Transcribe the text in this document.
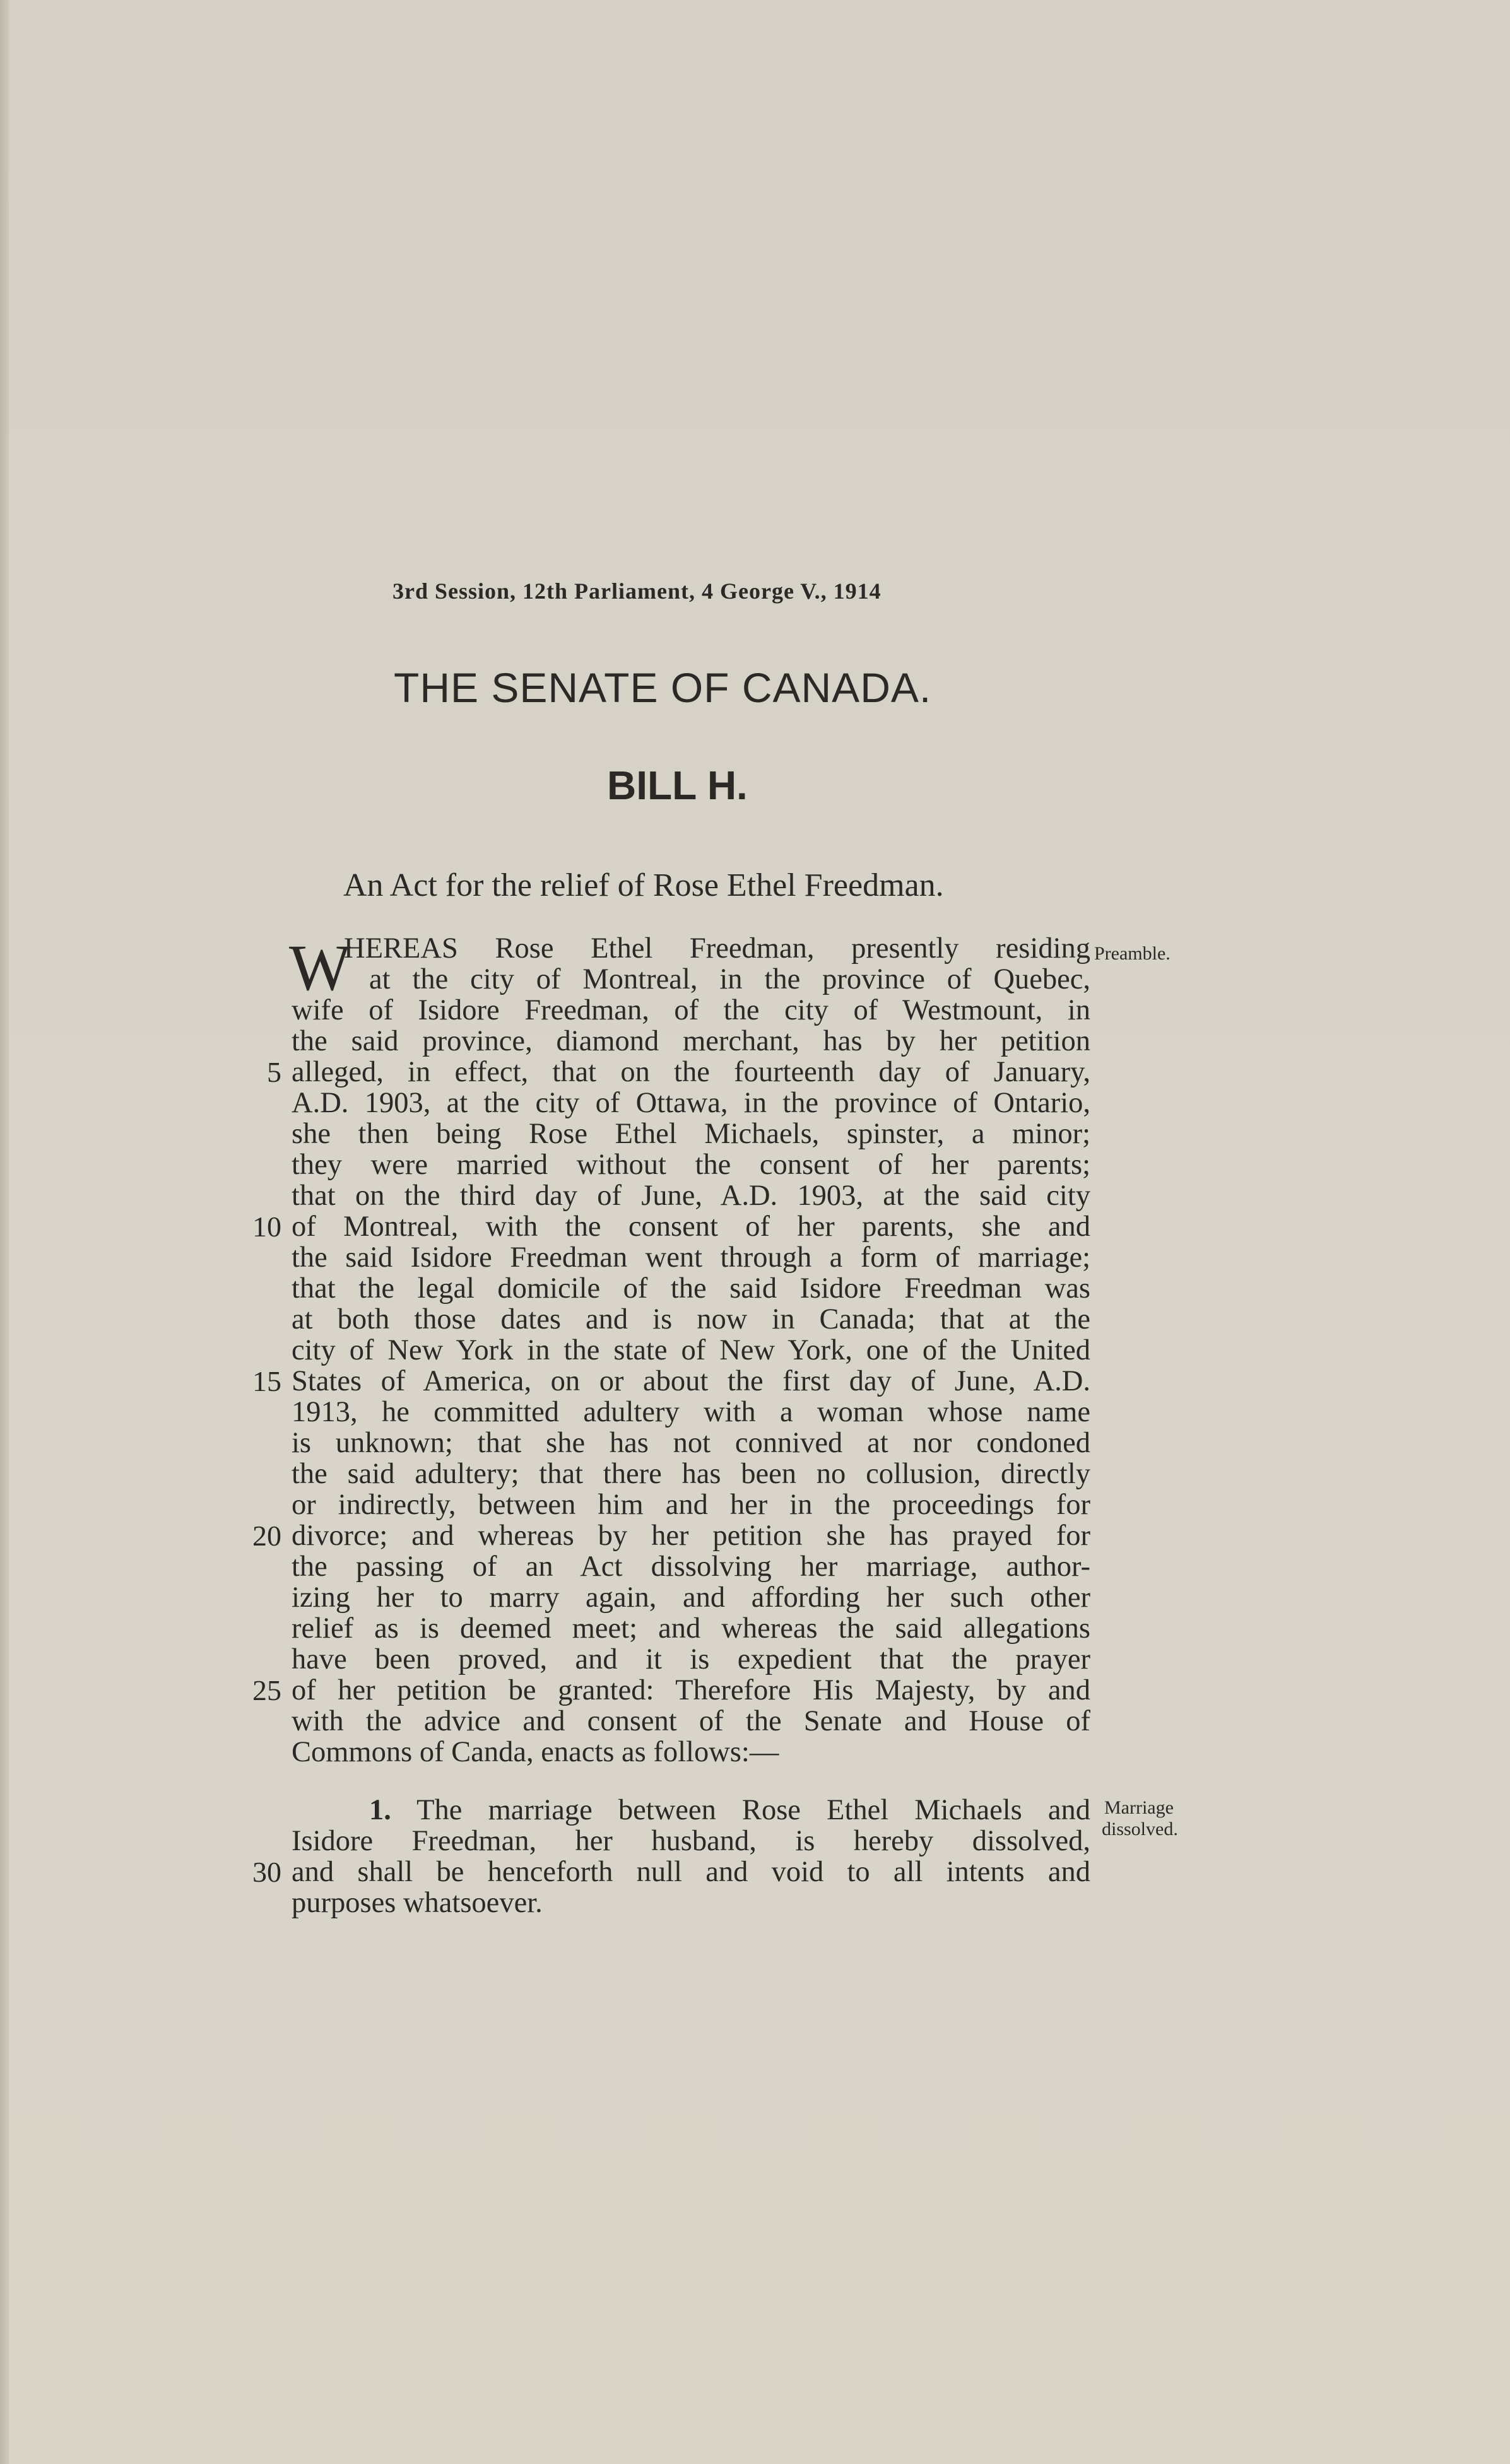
3rd Session, 12th Parliament, 4 George V., 1914
THE SENATE OF CANADA.
BILL H.
An Act for the relief of Rose Ethel Freedman.
W
HEREAS Rose Ethel Freedman, presently residing
at the city of Montreal, in the province of Quebec,
wife of Isidore Freedman, of the city of Westmount, in
the said province, diamond merchant, has by her petition
alleged, in effect, that on the fourteenth day of January,
A.D. 1903, at the city of Ottawa, in the province of Ontario,
she then being Rose Ethel Michaels, spinster, a minor;
they were married without the consent of her parents;
that on the third day of June, A.D. 1903, at the said city
of Montreal, with the consent of her parents, she and
the said Isidore Freedman went through a form of marriage;
that the legal domicile of the said Isidore Freedman was
at both those dates and is now in Canada; that at the
city of New York in the state of New York, one of the United
States of America, on or about the first day of June, A.D.
1913, he committed adultery with a woman whose name
is unknown; that she has not connived at nor condoned
the said adultery; that there has been no collusion, directly
or indirectly, between him and her in the proceedings for
divorce; and whereas by her petition she has prayed for
the passing of an Act dissolving her marriage, author-
izing her to marry again, and affording her such other
relief as is deemed meet; and whereas the said allegations
have been proved, and it is expedient that the prayer
of her petition be granted: Therefore His Majesty, by and
with the advice and consent of the Senate and House of
Commons of Canda, enacts as follows:—
Preamble.
1. The marriage between Rose Ethel Michaels and
Isidore Freedman, her husband, is hereby dissolved,
and shall be henceforth null and void to all intents and
purposes whatsoever.
Marriage
dissolved.
5
10
15
20
25
30
